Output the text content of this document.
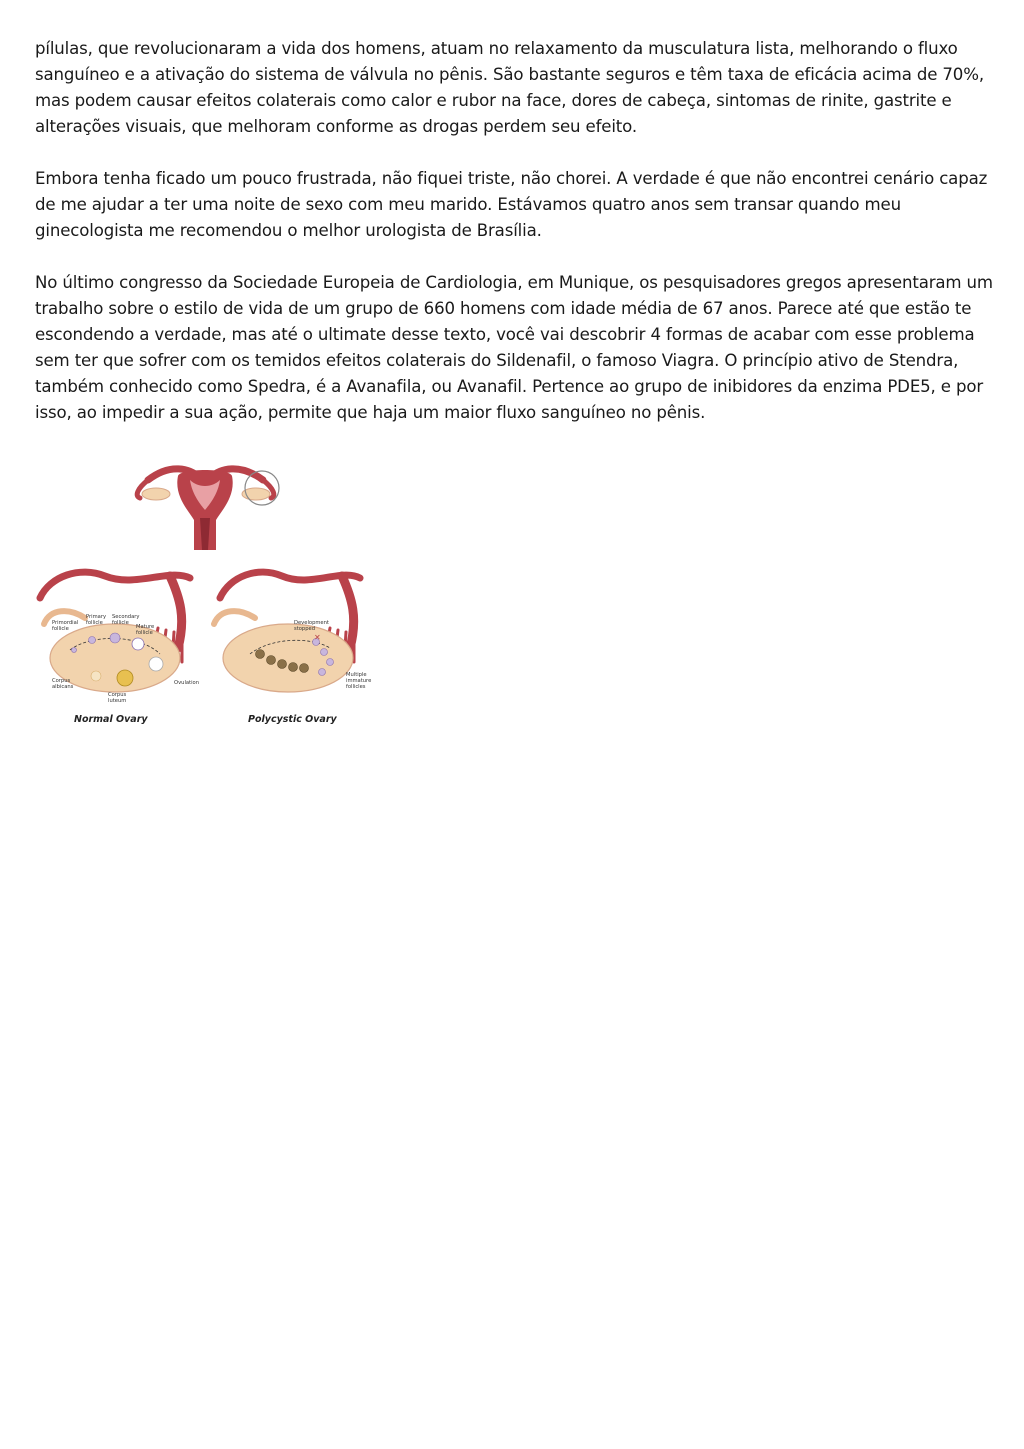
pílulas, que revolucionaram a vida dos homens, atuam no relaxamento da musculatura lista, melhorando o fluxo sanguíneo e a ativação do sistema de válvula no pênis. São bastante seguros e têm taxa de eficácia acima de 70%, mas podem causar efeitos colaterais como calor e rubor na face, dores de cabeça, sintomas de rinite, gastrite e alterações visuais, que melhoram conforme as drogas perdem seu efeito.

Embora tenha ficado um pouco frustrada, não fiquei triste, não chorei. A verdade é que não encontrei cenário capaz de me ajudar a ter uma noite de sexo com meu marido. Estávamos quatro anos sem transar quando meu ginecologista me recomendou o melhor urologista de Brasília.

No último congresso da Sociedade Europeia de Cardiologia, em Munique, os pesquisadores gregos apresentaram um trabalho sobre o estilo de vida de um grupo de 660 homens com idade média de 67 anos. Parece até que estão te escondendo a verdade, mas até o ultimate desse texto, você vai descobrir 4 formas de acabar com esse problema sem ter que sofrer com os temidos efeitos colaterais do Sildenafil, o famoso Viagra. O princípio ativo de Stendra, também conhecido como Spedra, é a Avanafila, ou Avanafil. Pertence ao grupo de inibidores da enzima PDE5, e por isso, ao impedir a sua ação, permite que haja um maior fluxo sanguíneo no pênis.

Primordial
follicle
Primary
follicle
Secondary
follicle
Mature
follicle
Corpus
albicans
Corpus
luteum
Ovulation
Normal Ovary
✕
Development
stopped
Multiple
immature
follicles
Polycystic Ovary
